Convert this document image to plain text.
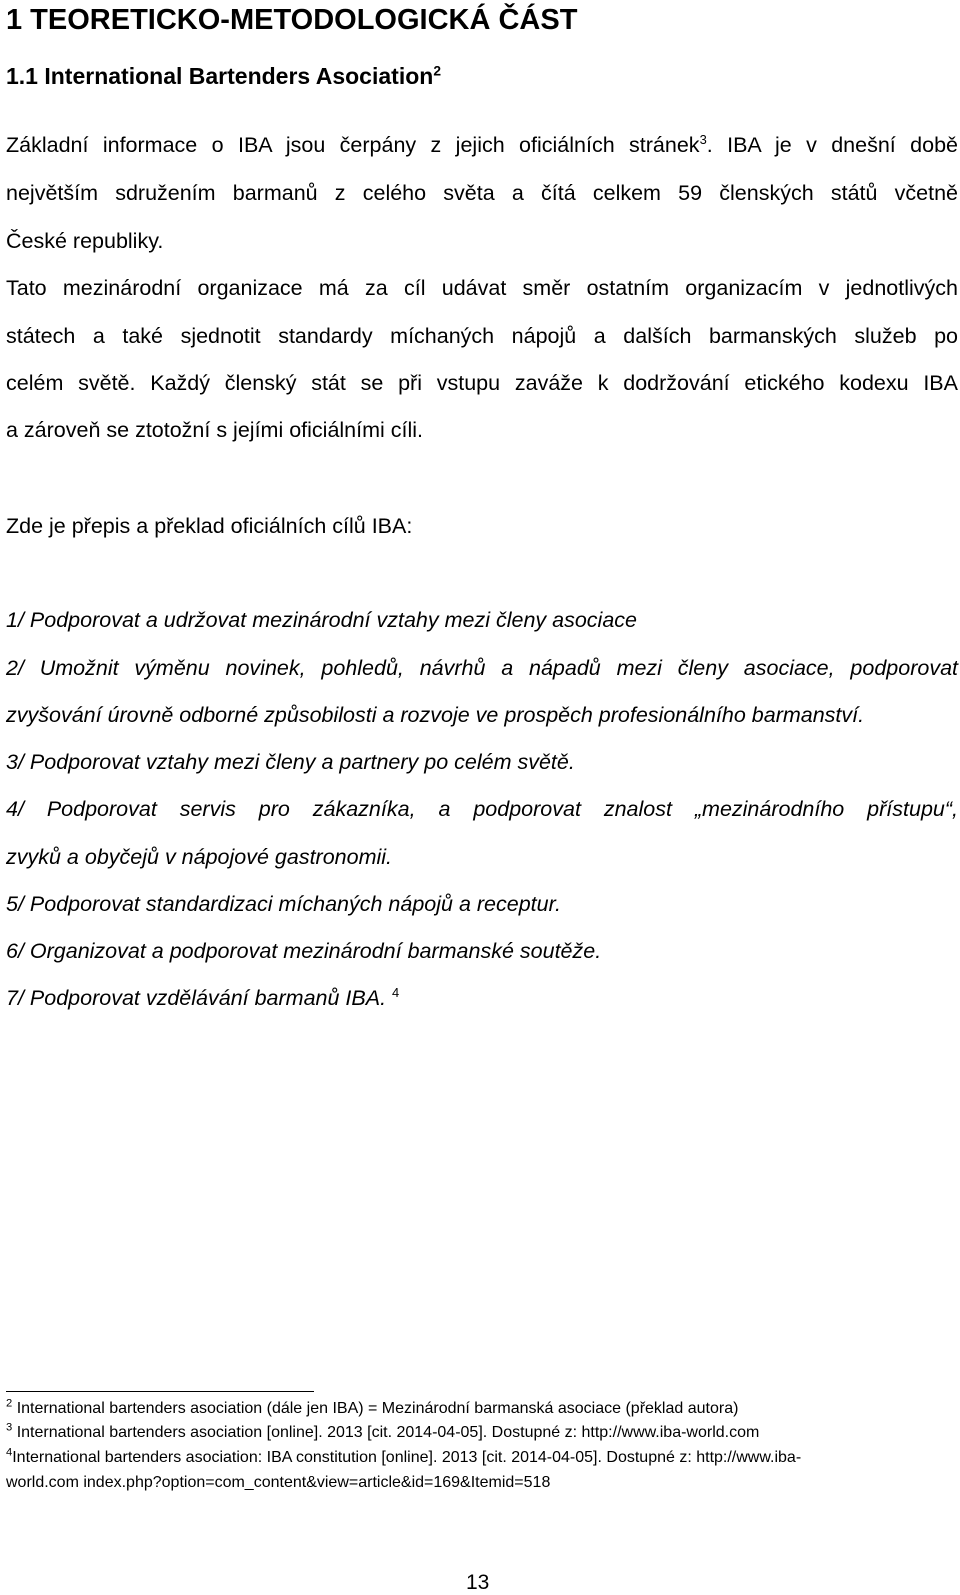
1 TEORETICKO-METODOLOGICKÁ ČÁST
1.1 International Bartenders Asociation$^2$
Základní informace o IBA jsou čerpány z jejich oficiálních stránek$^3$. IBA je v dnešní době
největším sdružením barmanů z celého světa a čítá celkem 59 členských států včetně
České republiky.
Tato mezinárodní organizace má za cíl udávat směr ostatním organizacím v jednotlivých
státech a také sjednotit standardy míchaných nápojů a dalších barmanských služeb po
celém světě. Každý členský stát se při vstupu zaváže k dodržování etického kodexu IBA
a zároveň se ztotožní s jejími oficiálními cíli.
Zde je přepis a překlad oficiálních cílů IBA:
1/ Podporovat a udržovat mezinárodní vztahy mezi členy asociace
2/ Umožnit výměnu novinek, pohledů, návrhů a nápadů mezi členy asociace, podporovat
zvyšování úrovně odborné způsobilosti a rozvoje ve prospěch profesionálního barmanství.
3/ Podporovat vztahy mezi členy a partnery po celém světě.
4/ Podporovat servis pro zákazníka, a podporovat znalost „mezinárodního přístupu“,
zvyků a obyčejů v nápojové gastronomii.
5/ Podporovat standardizaci míchaných nápojů a receptur.
6/ Organizovat a podporovat mezinárodní barmanské soutěže.
7/ Podporovat vzdělávání barmanů IBA. $^4$
$^2$ International bartenders asociation (dále jen IBA) = Mezinárodní barmanská asociace (překlad autora)
$^3$ International bartenders asociation [online]. 2013 [cit. 2014-04-05]. Dostupné z: http://www.iba-world.com
$^4$International bartenders asociation: IBA constitution [online]. 2013 [cit. 2014-04-05]. Dostupné z: http://www.iba-
world.com index.php?option=com_content&view=article&id=169&Itemid=518
13
